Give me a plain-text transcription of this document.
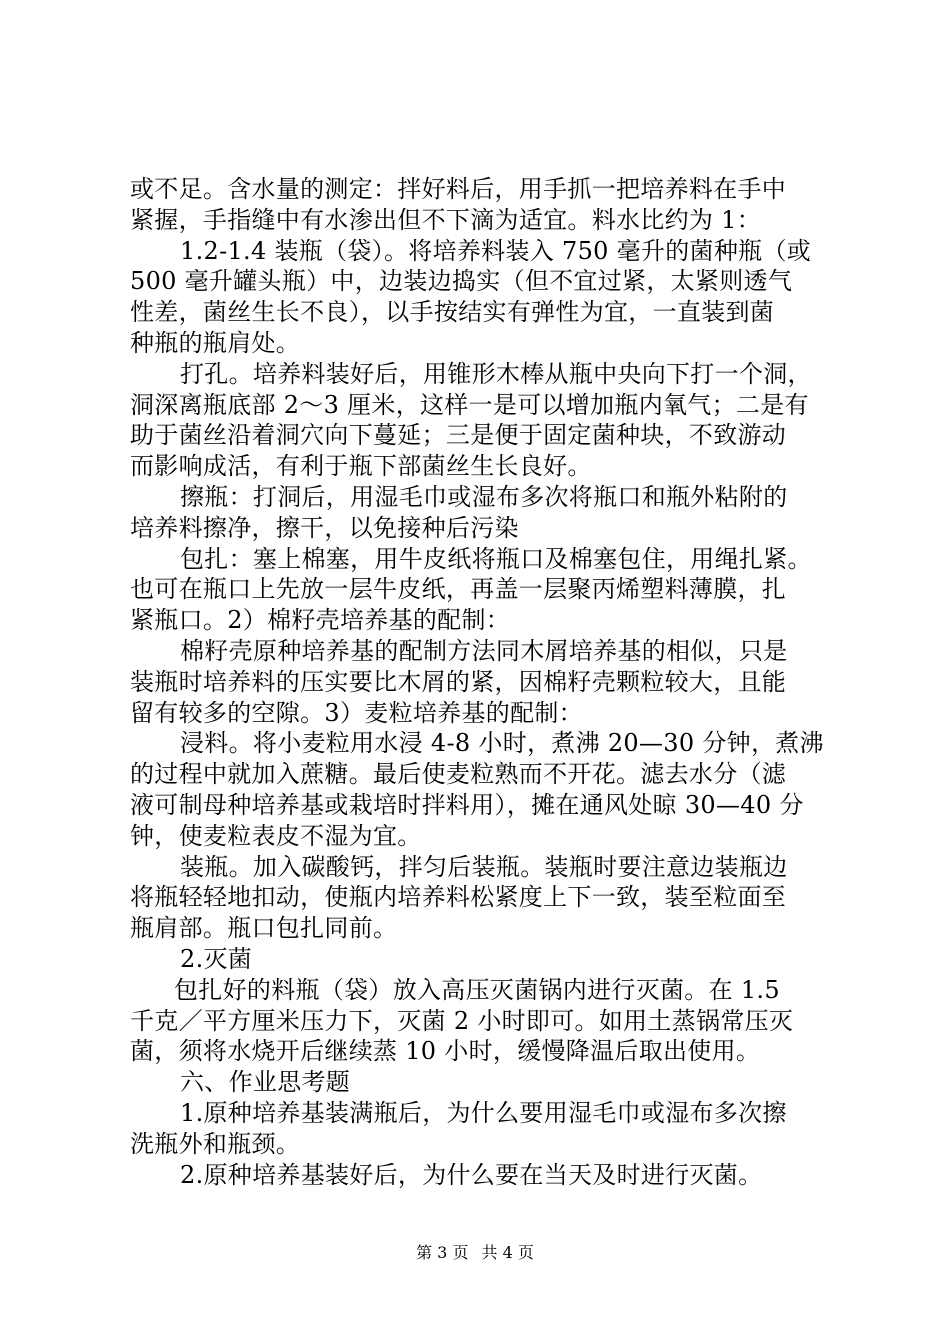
或不足。含水量的测定：拌好料后，用手抓一把培养料在手中
紧握，手指缝中有水渗出但不下滴为适宜。料水比约为 1：
1.2-1.4 装瓶（袋）。将培养料装入 750 毫升的菌种瓶（或
500 毫升罐头瓶）中，边装边捣实（但不宜过紧，太紧则透气
性差，菌丝生长不良），以手按结实有弹性为宜，一直装到菌
种瓶的瓶肩处。
打孔。培养料装好后，用锥形木棒从瓶中央向下打一个洞，
洞深离瓶底部 2～3 厘米，这样一是可以增加瓶内氧气；二是有
助于菌丝沿着洞穴向下蔓延；三是便于固定菌种块，不致游动
而影响成活，有利于瓶下部菌丝生长良好。
擦瓶：打洞后，用湿毛巾或湿布多次将瓶口和瓶外粘附的
培养料擦净，擦干，以免接种后污染
包扎：塞上棉塞，用牛皮纸将瓶口及棉塞包住，用绳扎紧。
也可在瓶口上先放一层牛皮纸，再盖一层聚丙烯塑料薄膜，扎
紧瓶口。2）棉籽壳培养基的配制：
棉籽壳原种培养基的配制方法同木屑培养基的相似，只是
装瓶时培养料的压实要比木屑的紧，因棉籽壳颗粒较大，且能
留有较多的空隙。3）麦粒培养基的配制：
浸料。将小麦粒用水浸 4-8 小时，煮沸 20—30 分钟，煮沸
的过程中就加入蔗糖。最后使麦粒熟而不开花。滤去水分（滤
液可制母种培养基或栽培时拌料用），摊在通风处晾 30—40 分
钟，使麦粒表皮不湿为宜。
装瓶。加入碳酸钙，拌匀后装瓶。装瓶时要注意边装瓶边
将瓶轻轻地扣动，使瓶内培养料松紧度上下一致，装至粒面至
瓶肩部。瓶口包扎同前。
2.灭菌
包扎好的料瓶（袋）放入高压灭菌锅内进行灭菌。在 1.5
千克／平方厘米压力下，灭菌 2 小时即可。如用土蒸锅常压灭
菌，须将水烧开后继续蒸 10 小时，缓慢降温后取出使用。
六、作业思考题
1.原种培养基装满瓶后，为什么要用湿毛巾或湿布多次擦
洗瓶外和瓶颈。
2.原种培养基装好后，为什么要在当天及时进行灭菌。
第 3 页 共 4 页
